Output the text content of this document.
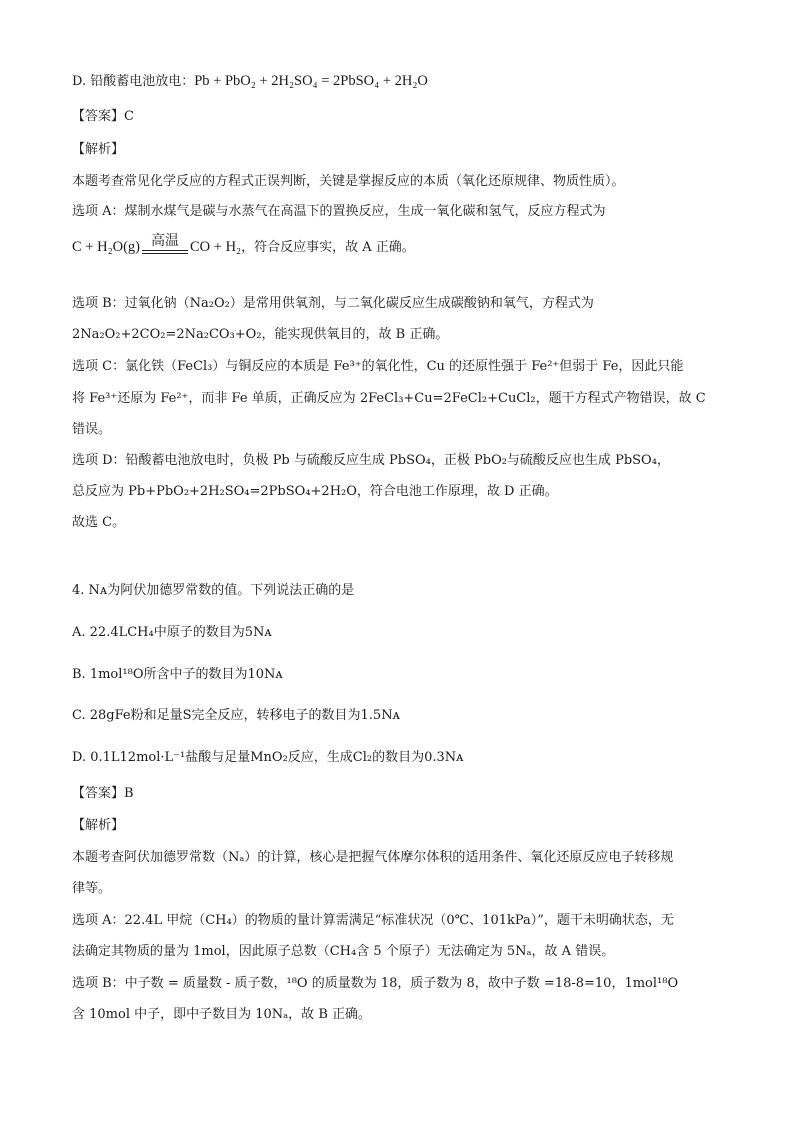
D. 铅酸蓄电池放电：Pb + PbO₂ + 2H₂SO₄ = 2PbSO₄ + 2H₂O
【答案】C
【解析】
本题考查常见化学反应的方程式正误判断，关键是掌握反应的本质（氧化还原规律、物质性质）。
选项 A：煤制水煤气是碳与水蒸气在高温下的置换反应，生成一氧化碳和氢气，反应方程式为
C + H₂O(g) 高温 CO + H₂，符合反应事实，故 A 正确。
选项 B：过氧化钠（Na₂O₂）是常用供氧剂，与二氧化碳反应生成碳酸钠和氧气，方程式为
2Na₂O₂+2CO₂=2Na₂CO₃+O₂，能实现供氧目的，故 B 正确。
选项 C：氯化铁（FeCl₃）与铜反应的本质是 Fe³⁺的氧化性，Cu 的还原性强于 Fe²⁺但弱于 Fe，因此只能
将 Fe³⁺还原为 Fe²⁺，而非 Fe 单质，正确反应为 2FeCl₃+Cu=2FeCl₂+CuCl₂，题干方程式产物错误，故 C
错误。
选项 D：铅酸蓄电池放电时，负极 Pb 与硫酸反应生成 PbSO₄，正极 PbO₂与硫酸反应也生成 PbSO₄，
总反应为 Pb+PbO₂+2H₂SO₄=2PbSO₄+2H₂O，符合电池工作原理，故 D 正确。
故选 C。
4. Nᴀ为阿伏加德罗常数的值。下列说法正确的是
A. 22.4LCH₄中原子的数目为5Nᴀ
B. 1mol¹⁸O所含中子的数目为10Nᴀ
C. 28gFe粉和足量S完全反应，转移电子的数目为1.5Nᴀ
D. 0.1L12mol·L⁻¹盐酸与足量MnO₂反应，生成Cl₂的数目为0.3Nᴀ
【答案】B
【解析】
本题考查阿伏加德罗常数（Nₐ）的计算，核心是把握气体摩尔体积的适用条件、氧化还原反应电子转移规
律等。
选项 A：22.4L 甲烷（CH₄）的物质的量计算需满足“标准状况（0℃、101kPa）”，题干未明确状态，无
法确定其物质的量为 1mol，因此原子总数（CH₄含 5 个原子）无法确定为 5Nₐ，故 A 错误。
选项 B：中子数 = 质量数 - 质子数，¹⁸O 的质量数为 18，质子数为 8，故中子数 =18-8=10，1mol¹⁸O
含 10mol 中子，即中子数目为 10Nₐ，故 B 正确。
